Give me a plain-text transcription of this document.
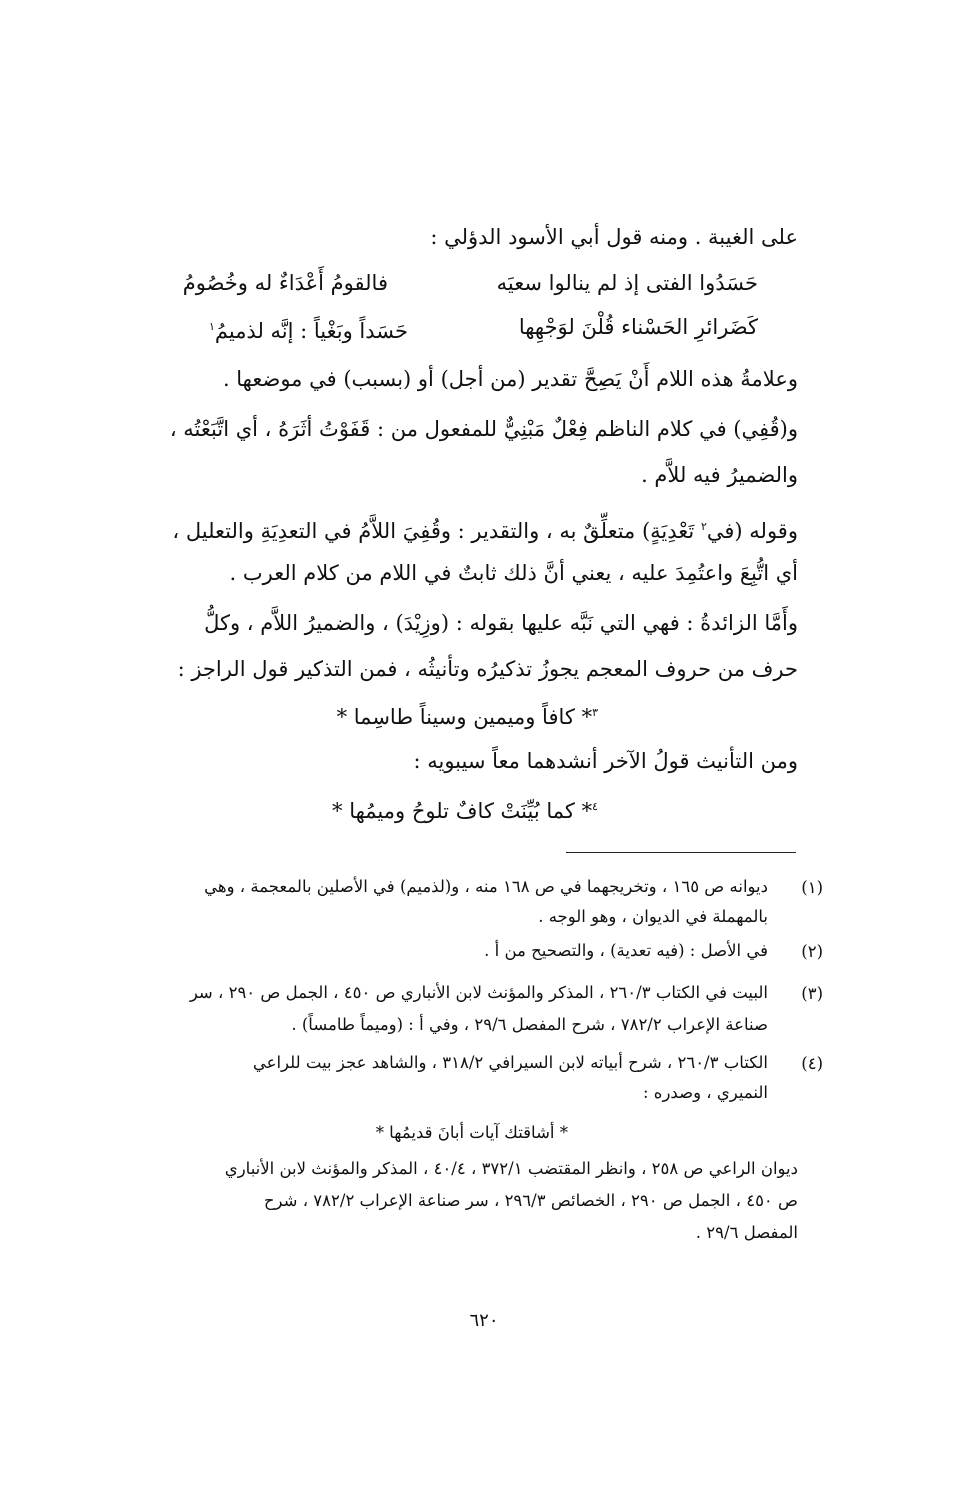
على الغيبة . ومنه قول أبي الأسود الدؤلي :
حَسَدُوا الفتى إذ لم ينالوا سعيَه
فالقومُ أَعْدَاءٌ له وخُصُومُ
كَضَرائرِ الحَسْناء قُلْنَ لوَجْهِها
حَسَداً وبَغْياً : إنَّه لذميمُ$^١$
وعلامةُ هذه اللام أَنْ يَصِحَّ تقدير (من أجل) أو (بسبب) في موضعها .
و(قُفِي) في كلام الناظم فِعْلٌ مَبْنِيٌّ للمفعول من : قَفَوْتُ أثَرَهُ ، أي اتَّبَعْتُه ،
والضميرُ فيه للاَّم .
وقوله (في$^٢$ تَعْدِيَةٍ) متعلِّقٌ به ، والتقدير : وقُفِيَ اللاَّمُ في التعدِيَةِ والتعليل ،
أي اتُّبِعَ واعتُمِدَ عليه ، يعني أنَّ ذلك ثابتٌ في اللام من كلام العرب .
وأَمَّا الزائدةُ : فهي التي نَبَّه عليها بقوله : (وزِيْدَ) ، والضميرُ اللاَّم ، وكلُّ
حرف من حروف المعجم يجوزُ تذكيرُه وتأنيثُه ، فمن التذكير قول الراجز :
$^٣$* كافاً وميمين وسيناً طاسِما *
ومن التأنيث قولُ الآخر أنشدهما معاً سيبويه :
$^٤$* كما بُيِّنَتْ كافٌ تلوحُ وميمُها *
(١)
ديوانه ص ١٦٥ ، وتخريجهما في ص ١٦٨ منه ، و(لذميم) في الأصلين بالمعجمة ، وهي
بالمهملة في الديوان ، وهو الوجه .
(٢)
في الأصل : (فيه تعدية) ، والتصحيح من أ .
(٣)
البيت في الكتاب ٢٦٠/٣ ، المذكر والمؤنث لابن الأنباري ص ٤٥٠ ، الجمل ص ٢٩٠ ، سر
صناعة الإعراب ٧٨٢/٢ ، شرح المفصل ٢٩/٦ ، وفي أ : (وميماً طامساً) .
(٤)
الكتاب ٢٦٠/٣ ، شرح أبياته لابن السيرافي ٣١٨/٢ ، والشاهد عجز بيت للراعي
النميري ، وصدره :
* أشاقتك آيات أبانَ قديمُها *
ديوان الراعي ص ٢٥٨ ، وانظر المقتضب ٣٧٢/١ ، ٤٠/٤ ، المذكر والمؤنث لابن الأنباري
ص ٤٥٠ ، الجمل ص ٢٩٠ ، الخصائص ٢٩٦/٣ ، سر صناعة الإعراب ٧٨٢/٢ ، شرح
المفصل ٢٩/٦ .
٦٢٠
